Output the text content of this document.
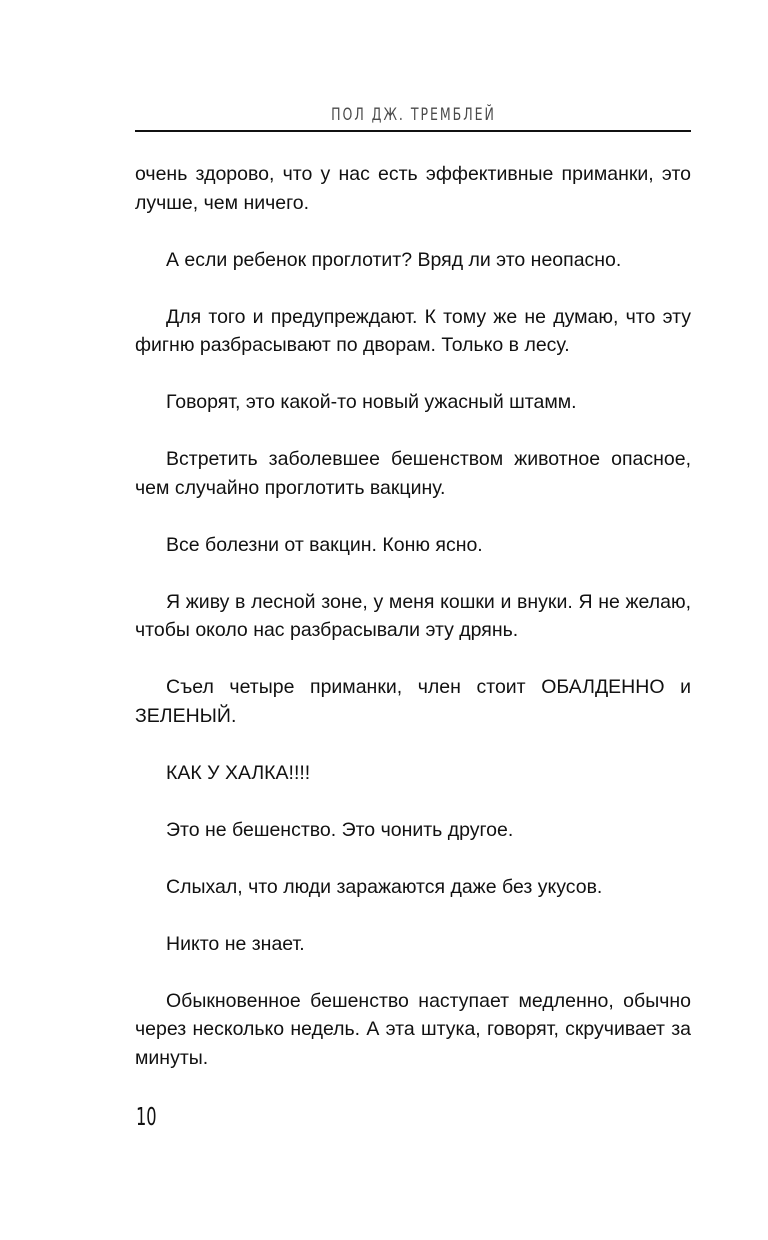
ПОЛ ДЖ. ТРЕМБЛЕЙ

очень здорово, что у нас есть эффективные приманки, это лучше, чем ничего.

А если ребенок проглотит? Вряд ли это неопасно.

Для того и предупреждают. К тому же не думаю, что эту фигню разбрасывают по дворам. Только в лесу.

Говорят, это какой-то новый ужасный штамм.

Встретить заболевшее бешенством животное опасное, чем случайно проглотить вакцину.

Все болезни от вакцин. Коню ясно.

Я живу в лесной зоне, у меня кошки и внуки. Я не желаю, чтобы около нас разбрасывали эту дрянь.

Съел четыре приманки, член стоит ОБАЛДЕННО и ЗЕЛЕНЫЙ.

КАК У ХАЛКА!!!!

Это не бешенство. Это чонить другое.

Слыхал, что люди заражаются даже без укусов.

Никто не знает.

Обыкновенное бешенство наступает медленно, обычно через несколько недель. А эта штука, говорят, скручивает за минуты.

10
